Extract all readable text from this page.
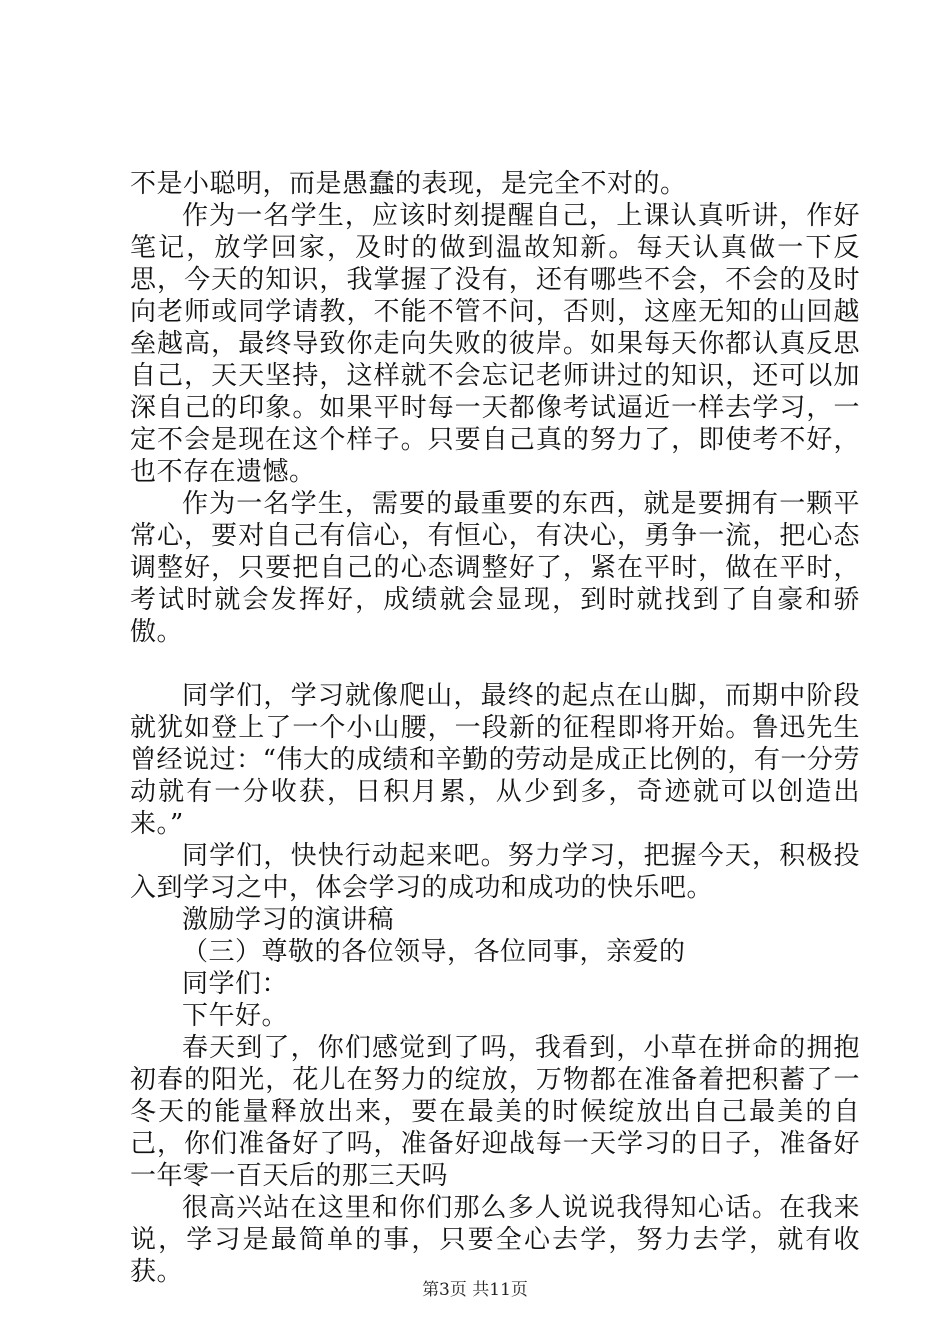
不是小聪明，而是愚蠢的表现，是完全不对的。

作为一名学生，应该时刻提醒自己，上课认真听讲，作好笔记，放学回家，及时的做到温故知新。每天认真做一下反思，今天的知识，我掌握了没有，还有哪些不会，不会的及时向老师或同学请教，不能不管不问，否则，这座无知的山回越垒越高，最终导致你走向失败的彼岸。如果每天你都认真反思自己，天天坚持，这样就不会忘记老师讲过的知识，还可以加深自己的印象。如果平时每一天都像考试逼近一样去学习，一定不会是现在这个样子。只要自己真的努力了，即使考不好，也不存在遗憾。

作为一名学生，需要的最重要的东西，就是要拥有一颗平常心，要对自己有信心，有恒心，有决心，勇争一流，把心态调整好，只要把自己的心态调整好了，紧在平时，做在平时，考试时就会发挥好，成绩就会显现，到时就找到了自豪和骄傲。

同学们，学习就像爬山，最终的起点在山脚，而期中阶段就犹如登上了一个小山腰，一段新的征程即将开始。鲁迅先生曾经说过：“伟大的成绩和辛勤的劳动是成正比例的，有一分劳动就有一分收获，日积月累，从少到多，奇迹就可以创造出来。”

同学们，快快行动起来吧。努力学习，把握今天，积极投入到学习之中，体会学习的成功和成功的快乐吧。

激励学习的演讲稿

（三）尊敬的各位领导，各位同事，亲爱的

同学们：

下午好。

春天到了，你们感觉到了吗，我看到，小草在拼命的拥抱初春的阳光，花儿在努力的绽放，万物都在准备着把积蓄了一冬天的能量释放出来，要在最美的时候绽放出自己最美的自己，你们准备好了吗，准备好迎战每一天学习的日子，准备好一年零一百天后的那三天吗

很高兴站在这里和你们那么多人说说我得知心话。在我来说，学习是最简单的事，只要全心去学，努力去学，就有收获。

第3页 共11页
